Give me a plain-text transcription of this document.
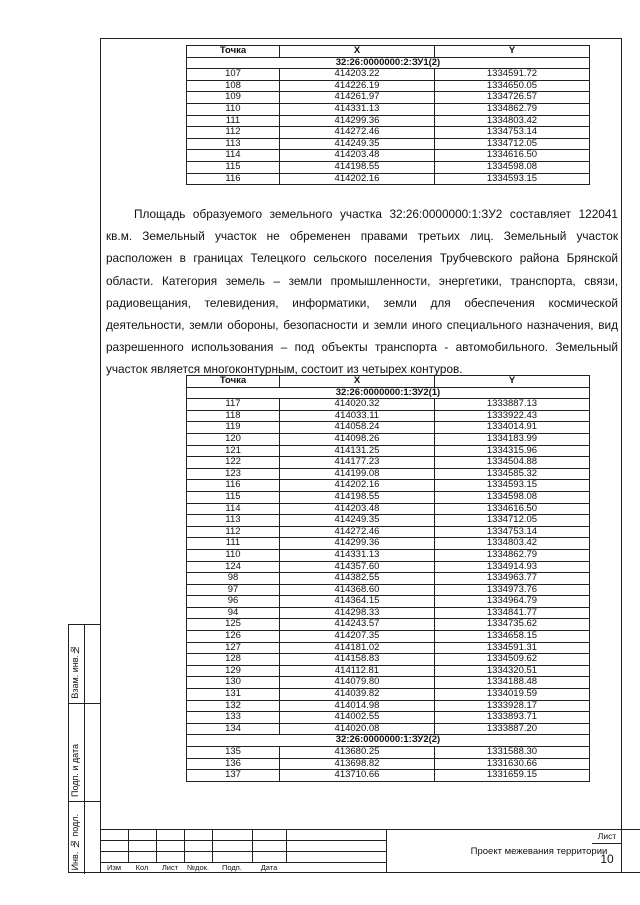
Взам. инв.№
Подп. и дата
Инв. № подл.
Точка	X	Y
32:26:0000000:2:ЗУ1(2)		
107	414203.22	1334591.72
108	414226.19	1334650.05
109	414261.97	1334726.57
110	414331.13	1334862.79
111	414299.36	1334803.42
112	414272.46	1334753.14
113	414249.35	1334712.05
114	414203.48	1334616.50
115	414198.55	1334598.08
116	414202.16	1334593.15
Площадь образуемого земельного участка 32:26:0000000:1:ЗУ2 составляет 122041 кв.м. Земельный участок не обременен правами третьих лиц. Земельный участок расположен в границах Телецкого сельского поселения Трубчевского района Брянской области. Категория земель – земли промышленности, энергетики, транспорта, связи, радиовещания, телевидения, информатики, земли для обеспечения космической деятельности, земли обороны, безопасности и земли иного специального назначения, вид разрешенного использования – под объекты транспорта - автомобильного. Земельный участок является многоконтурным, состоит из четырех контуров.
Точка	X	Y
32:26:0000000:1:ЗУ2(1)		
117	414020.32	1333887.13
118	414033.11	1333922.43
119	414058.24	1334014.91
120	414098.26	1334183.99
121	414131.25	1334315.96
122	414177.23	1334504.88
123	414199.08	1334585.32
116	414202.16	1334593.15
115	414198.55	1334598.08
114	414203.48	1334616.50
113	414249.35	1334712.05
112	414272.46	1334753.14
111	414299.36	1334803.42
110	414331.13	1334862.79
124	414357.60	1334914.93
98	414382.55	1334963.77
97	414368.60	1334973.76
96	414364.15	1334964.79
94	414298.33	1334841.77
125	414243.57	1334735.62
126	414207.35	1334658.15
127	414181.02	1334591.31
128	414158.83	1334509.62
129	414112.81	1334320.51
130	414079.80	1334188.48
131	414039.82	1334019.59
132	414014.98	1333928.17
133	414002.55	1333893.71
134	414020.08	1333887.20
32:26:0000000:1:ЗУ2(2)		
135	413680.25	1331588.30
136	413698.82	1331630.66
137	413710.66	1331659.15
Изм	Кол	Лист	№док.	Подп.	Дата
Проект межевания территории
Лист
10
